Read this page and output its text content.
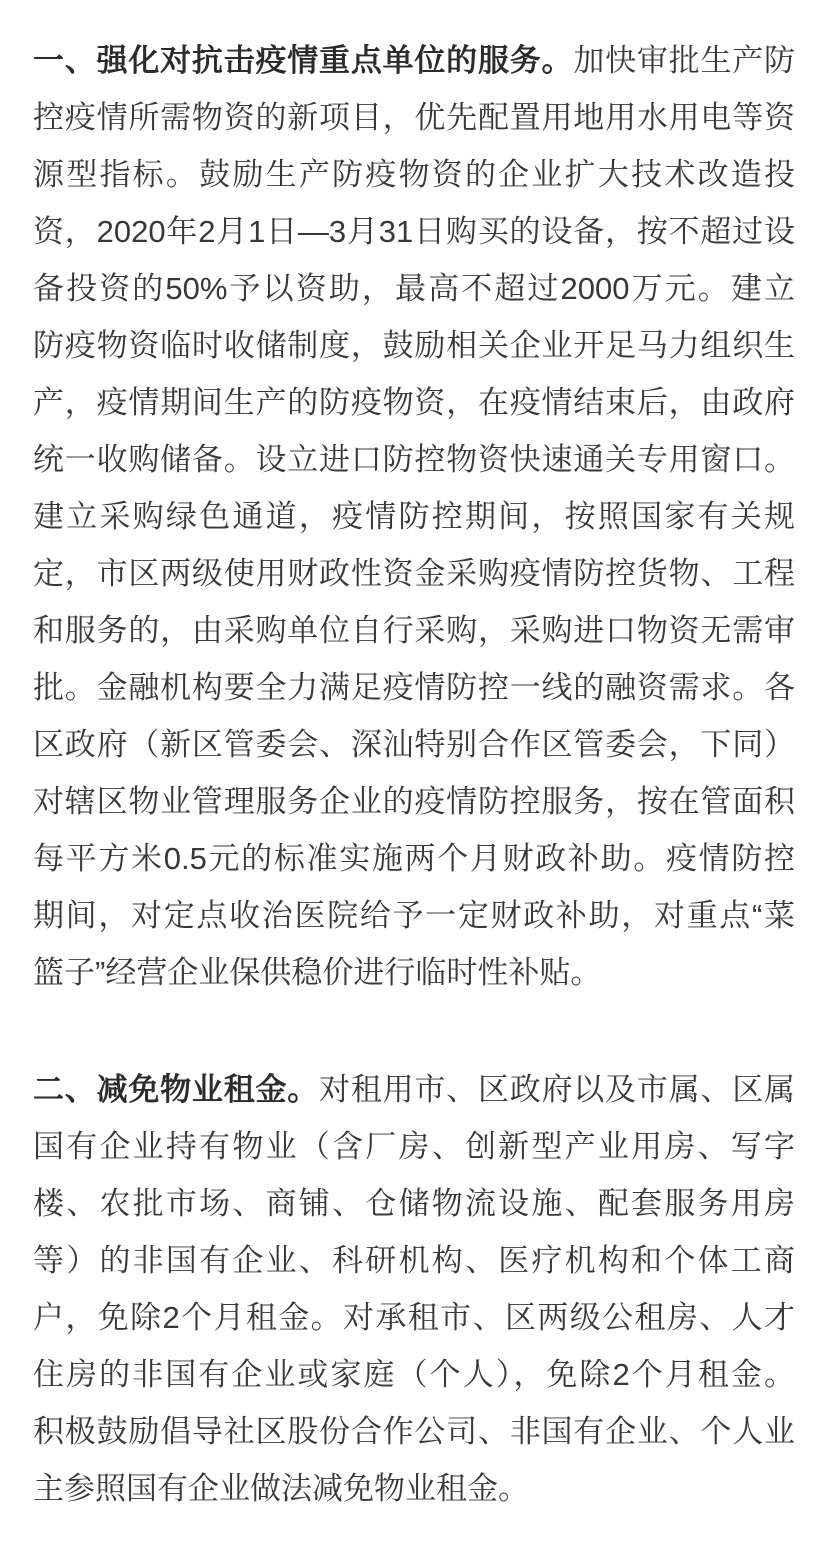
一、强化对抗击疫情重点单位的服务。加快审批生产防
控疫情所需物资的新项目，优先配置用地用水用电等资
源型指标。鼓励生产防疫物资的企业扩大技术改造投
资，2020年2月1日—3月31日购买的设备，按不超过设
备投资的50%予以资助，最高不超过2000万元。建立
防疫物资临时收储制度，鼓励相关企业开足马力组织生
产，疫情期间生产的防疫物资，在疫情结束后，由政府
统一收购储备。设立进口防控物资快速通关专用窗口。
建立采购绿色通道，疫情防控期间，按照国家有关规
定，市区两级使用财政性资金采购疫情防控货物、工程
和服务的，由采购单位自行采购，采购进口物资无需审
批。金融机构要全力满足疫情防控一线的融资需求。各
区政府（新区管委会、深汕特别合作区管委会，下同）
对辖区物业管理服务企业的疫情防控服务，按在管面积
每平方米0.5元的标准实施两个月财政补助。疫情防控
期间，对定点收治医院给予一定财政补助，对重点“菜
篮子”经营企业保供稳价进行临时性补贴。
二、减免物业租金。对租用市、区政府以及市属、区属
国有企业持有物业（含厂房、创新型产业用房、写字
楼、农批市场、商铺、仓储物流设施、配套服务用房
等）的非国有企业、科研机构、医疗机构和个体工商
户，免除2个月租金。对承租市、区两级公租房、人才
住房的非国有企业或家庭（个人），免除2个月租金。
积极鼓励倡导社区股份合作公司、非国有企业、个人业
主参照国有企业做法减免物业租金。
